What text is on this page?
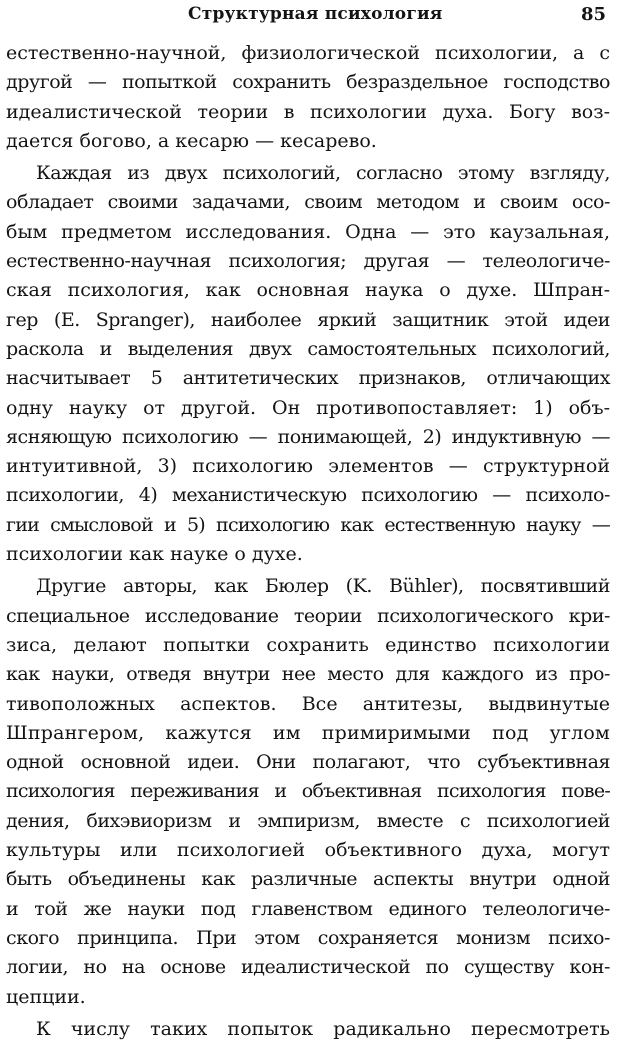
Структурная психология	85
естественно-научной, физиологической психологии, а с
другой — попыткой сохранить безраздельное господство
идеалистической теории в психологии духа. Богу воз-
дается богово, а кесарю — кесарево.
Каждая из двух психологий, согласно этому взгляду,
обладает своими задачами, своим методом и своим осо-
бым предметом исследования. Одна — это каузальная,
естественно-научная психология; другая — телеологиче-
ская психология, как основная наука о духе. Шпран-
гер (E. Spranger), наиболее яркий защитник этой идеи
раскола и выделения двух самостоятельных психологий,
насчитывает 5 антитетических признаков, отличающих
одну науку от другой. Он противопоставляет: 1) объ-
ясняющую психологию — понимающей, 2) индуктивную —
интуитивной, 3) психологию элементов — структурной
психологии, 4) механистическую психологию — психоло-
гии смысловой и 5) психологию как естественную науку —
психологии как науке о духе.
Другие авторы, как Бюлер (K. Bühler), посвятивший
специальное исследование теории психологического кри-
зиса, делают попытки сохранить единство психологии
как науки, отведя внутри нее место для каждого из про-
тивоположных аспектов. Все антитезы, выдвинутые
Шпрангером, кажутся им примиримыми под углом
одной основной идеи. Они полагают, что субъективная
психология переживания и объективная психология пове-
дения, бихэвиоризм и эмпиризм, вместе с психологией
культуры или психологией объективного духа, могут
быть объединены как различные аспекты внутри одной
и той же науки под главенством единого телеологиче-
ского принципа. При этом сохраняется монизм психо-
логии, но на основе идеалистической по существу кон-
цепции.
К числу таких попыток радикально пересмотреть
